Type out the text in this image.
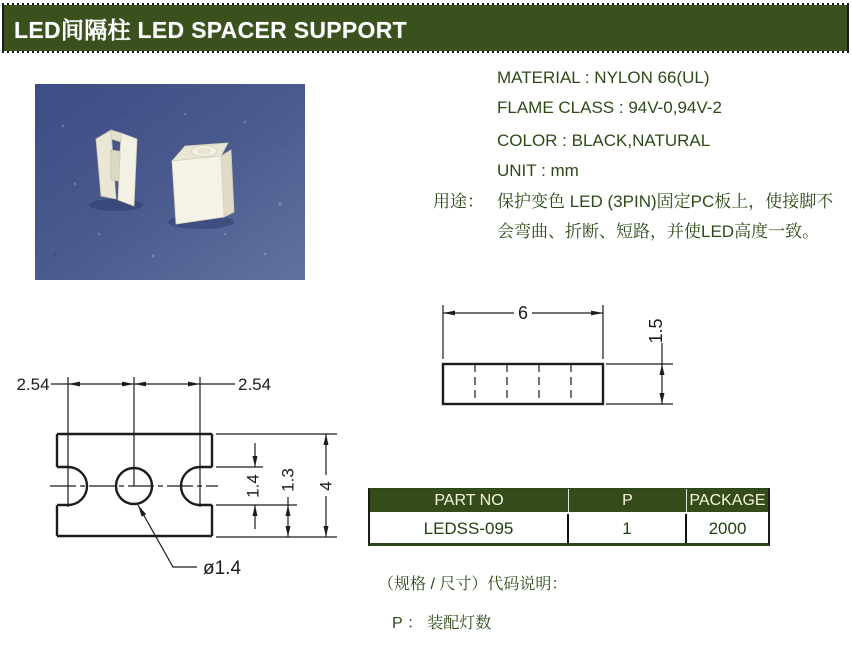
LED间隔柱 LED SPACER SUPPORT
MATERIAL : NYLON 66(UL)
FLAME CLASS : 94V-0,94V-2
COLOR : BLACK,NATURAL
UNIT : mm
用途： 保护变色 LED (3PIN)固定PC板上，使接脚不
会弯曲、折断、短路，并使LED高度一致。
6
1.5
2.54	2.54
1.4 1.3 4
ø1.4
PART NO	P	PACKAGE
LEDSS-095	1	2000
（规格 / 尺寸）代码说明：
P ： 装配灯数
